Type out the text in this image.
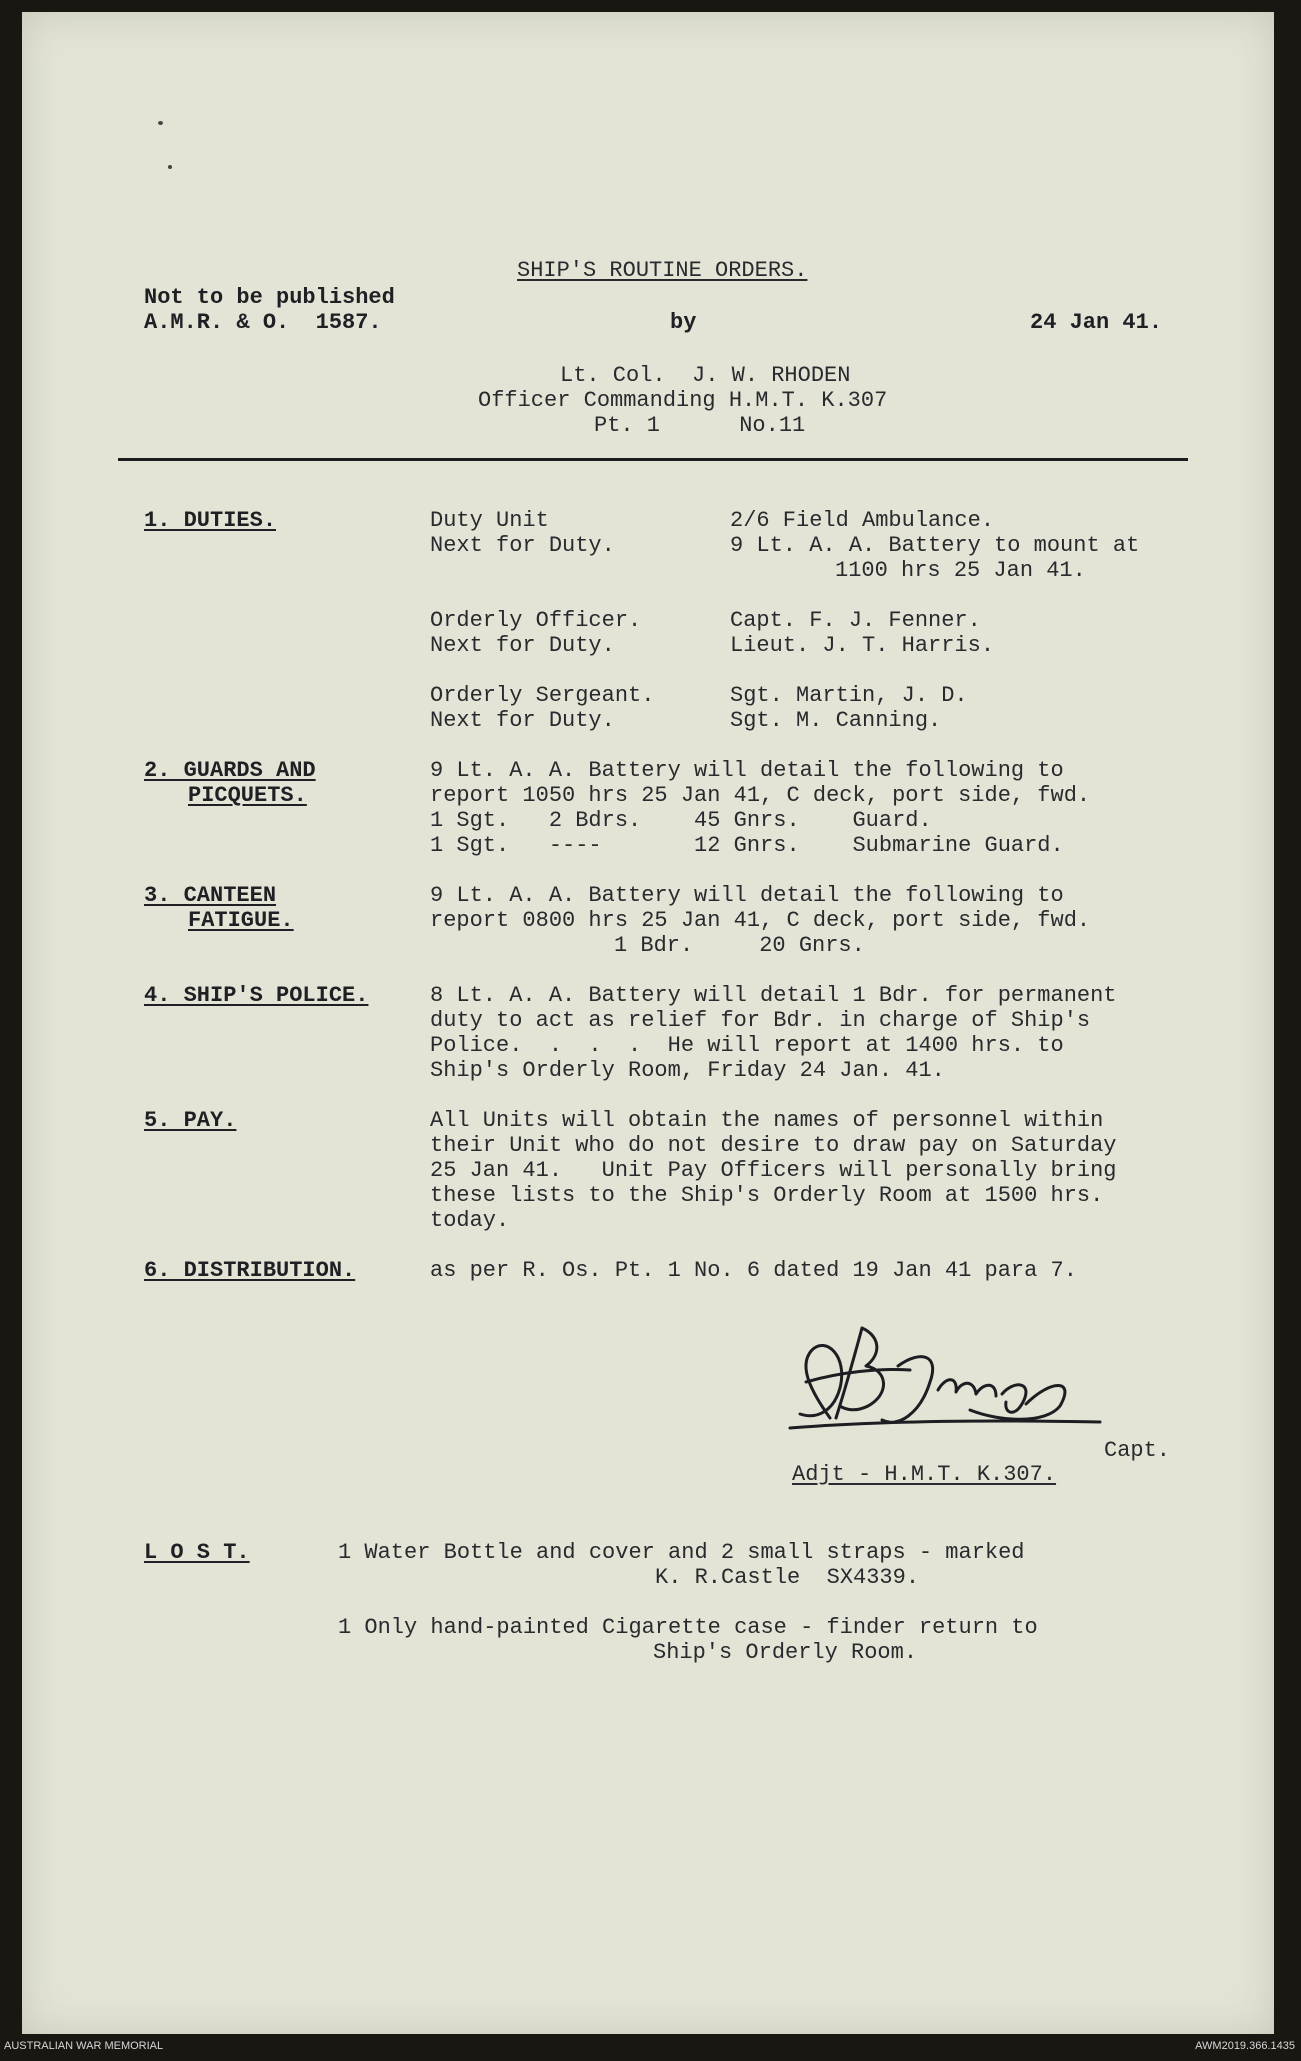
SHIP'S ROUTINE ORDERS.
Not to be published
A.M.R. & O.  1587.	by	24 Jan 41.
Lt. Col.  J. W. RHODEN
Officer Commanding H.M.T. K.307
Pt. 1      No.11
1. DUTIES.	Duty Unit	2/6 Field Ambulance.
Next for Duty.	9 Lt. A. A. Battery to mount at
1100 hrs 25 Jan 41.
Orderly Officer.	Capt. F. J. Fenner.
Next for Duty.	Lieut. J. T. Harris.
Orderly Sergeant.	Sgt. Martin, J. D.
Next for Duty.	Sgt. M. Canning.
2. GUARDS AND
PICQUETS.
9 Lt. A. A. Battery will detail the following to
report 1050 hrs 25 Jan 41, C deck, port side, fwd.
1 Sgt.   2 Bdrs.    45 Gnrs.    Guard.
1 Sgt.   ----       12 Gnrs.    Submarine Guard.
3. CANTEEN
FATIGUE.
9 Lt. A. A. Battery will detail the following to
report 0800 hrs 25 Jan 41, C deck, port side, fwd.
1 Bdr.     20 Gnrs.
4. SHIP'S POLICE.	8 Lt. A. A. Battery will detail 1 Bdr. for permanent
duty to act as relief for Bdr. in charge of Ship's
Police.  .  .  .  He will report at 1400 hrs. to
Ship's Orderly Room, Friday 24 Jan. 41.
5. PAY.	All Units will obtain the names of personnel within
their Unit who do not desire to draw pay on Saturday
25 Jan 41.   Unit Pay Officers will personally bring
these lists to the Ship's Orderly Room at 1500 hrs.
today.
6. DISTRIBUTION.	as per R. Os. Pt. 1 No. 6 dated 19 Jan 41 para 7.
Capt.
Adjt - H.M.T. K.307.
L O S T.	1 Water Bottle and cover and 2 small straps - marked
K. R.Castle  SX4339.
1 Only hand-painted Cigarette case - finder return to
Ship's Orderly Room.
AUSTRALIAN WAR MEMORIAL	AWM2019.366.1435
